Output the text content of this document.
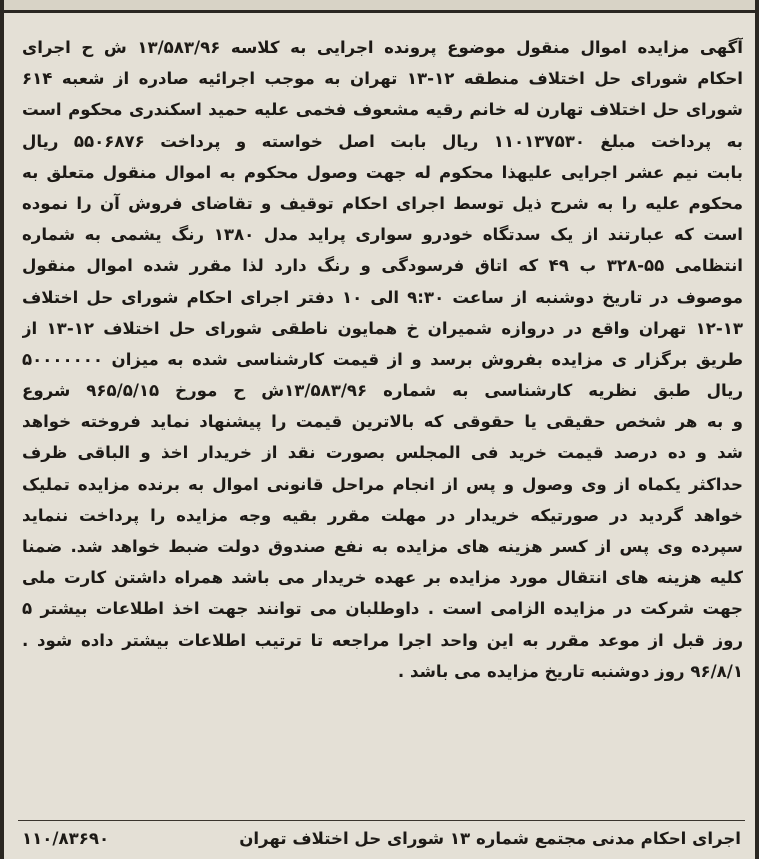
آگهی مزایده اموال منقول موضوع پرونده اجرایی به کلاسه ۱۳/۵۸۳/۹۶ ش ح اجرای
احکام شورای حل اختلاف منطقه ۱۲-۱۳ تهران به موجب اجرائیه صادره از شعبه ۶۱۴
شورای حل اختلاف تهارن له خانم رقیه مشعوف فخمی علیه حمید اسکندری محکوم است
به پرداخت مبلغ ۱۱۰۱۳۷۵۳۰ ریال بابت اصل خواسته و پرداخت ۵۵۰۶۸۷۶ ریال
بابت نیم عشر اجرایی علیهذا محکوم له جهت وصول محکوم به اموال منقول متعلق به
محکوم علیه را به شرح ذیل توسط اجرای احکام توقیف و تقاضای فروش آن را نموده
است که عبارتند از یک سدتگاه خودرو سواری پراید مدل ۱۳۸۰ رنگ یشمی به شماره
انتظامی ۵۵-۳۲۸ ب ۴۹ که اتاق فرسودگی و رنگ دارد لذا مقرر شده اموال منقول
موصوف در تاریخ دوشنبه از ساعت ۹:۳۰ الی ۱۰ دفتر اجرای احکام شورای حل اختلاف
۱۲-۱۳ تهران واقع در دروازه شمیران خ همایون ناطقی شورای حل اختلاف ۱۲-۱۳ از
طریق برگزار ی مزایده بفروش برسد و از قیمت کارشناسی شده به میزان ۵۰۰۰۰۰۰۰
ریال طبق نظریه کارشناسی به شماره ۱۳/۵۸۳/۹۶ش ح مورخ ۹۶۵/۵/۱۵ شروع
و به هر شخص حقیقی یا حقوقی که بالاترین قیمت را پیشنهاد نماید فروخته خواهد
شد و ده درصد قیمت خرید فی المجلس بصورت نقد از خریدار اخذ و الباقی ظرف
حداکثر یکماه از وی وصول و پس از انجام مراحل قانونی اموال به برنده مزایده تملیک
خواهد گردید در صورتیکه خریدار در مهلت مقرر بقیه وجه مزایده را پرداخت ننماید
سپرده وی پس از کسر هزینه های مزایده به نفع صندوق دولت ضبط خواهد شد. ضمنا
کلیه هزینه های انتقال مورد مزایده بر عهده خریدار می باشد همراه داشتن کارت ملی
جهت شرکت در مزایده الزامی است . داوطلبان می توانند جهت اخذ اطلاعات بیشتر ۵
روز قبل از موعد مقرر به این واحد اجرا مراجعه تا ترتیب اطلاعات بیشتر داده شود .
۹۶/۸/۱ روز دوشنبه تاریخ مزایده می باشد .
اجرای احکام مدنی مجتمع شماره ۱۳ شورای حل اختلاف تهران
۱۱۰/۸۳۶۹۰
